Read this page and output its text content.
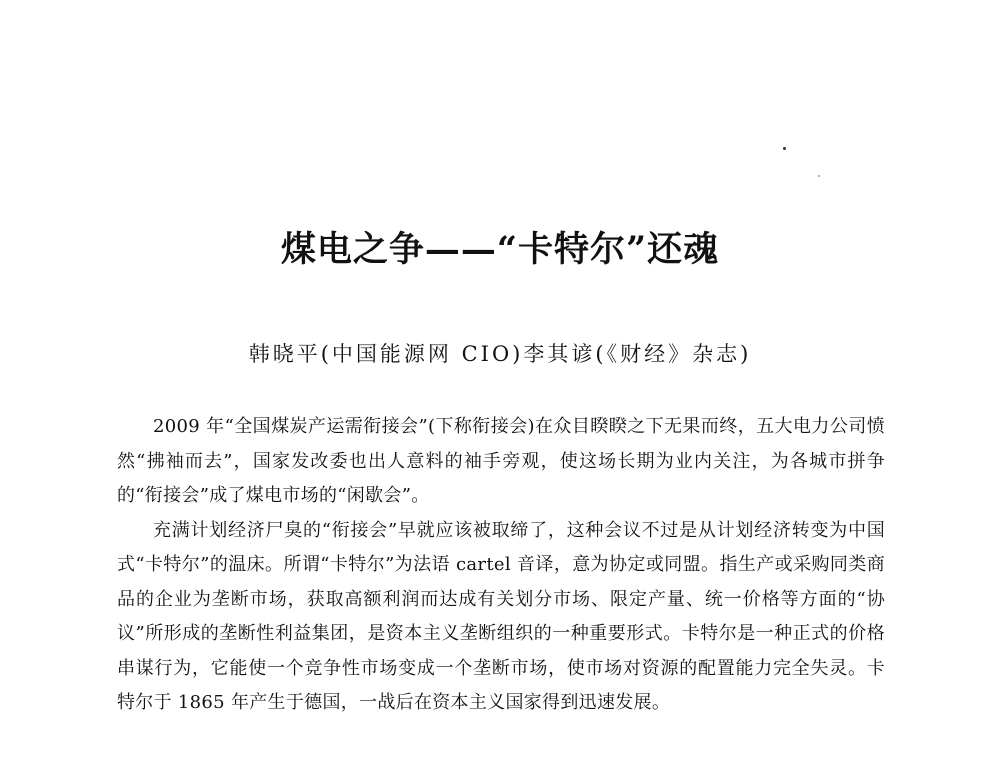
煤电之争——“卡特尔”还魂

韩晓平(中国能源网 CIO)李其谚(《财经》杂志)

2009 年“全国煤炭产运需衔接会”(下称衔接会)在众目睽睽之下无果而终，五大电力公司愤然“拂袖而去”，国家发改委也出人意料的袖手旁观，使这场长期为业内关注，为各城市拼争的“衔接会”成了煤电市场的“闲歇会”。

充满计划经济尸臭的“衔接会”早就应该被取缔了，这种会议不过是从计划经济转变为中国式“卡特尔”的温床。所谓“卡特尔”为法语 cartel 音译，意为协定或同盟。指生产或采购同类商品的企业为垄断市场，获取高额利润而达成有关划分市场、限定产量、统一价格等方面的“协议”所形成的垄断性利益集团，是资本主义垄断组织的一种重要形式。卡特尔是一种正式的价格串谋行为，它能使一个竞争性市场变成一个垄断市场，使市场对资源的配置能力完全失灵。卡特尔于 1865 年产生于德国，一战后在资本主义国家得到迅速发展。
